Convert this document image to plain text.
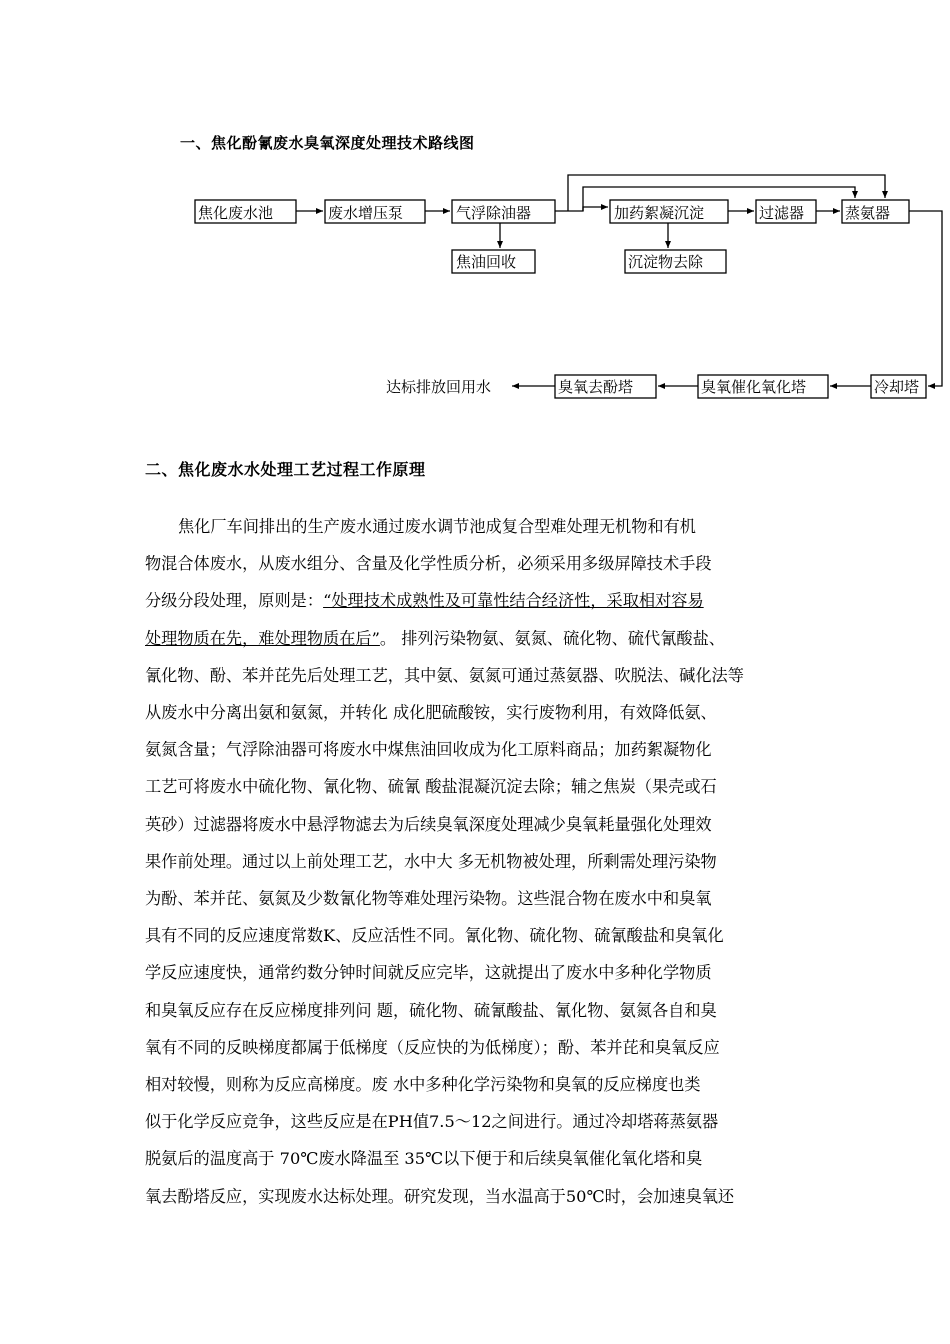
一、焦化酚氰废水臭氧深度处理技术路线图
焦化废水池	废水增压泵	气浮除油器
焦油回收
加药絮凝沉淀
沉淀物去除
过滤器	蒸氨器
冷却塔
臭氧催化氧化塔
臭氧去酚塔
达标排放回用水
二、焦化废水水处理工艺过程工作原理
焦化厂车间排出的生产废水通过废水调节池成复合型难处理无机物和有机
物混合体废水，从废水组分、含量及化学性质分析，必须采用多级屏障技术手段
分级分段处理，原则是：“处理技术成熟性及可靠性结合经济性，采取相对容易
处理物质在先，难处理物质在后”。 排列污染物氨、氨氮、硫化物、硫代氰酸盐、
氰化物、酚、苯并芘先后处理工艺，其中氨、氨氮可通过蒸氨器、吹脱法、碱化法等
从废水中分离出氨和氨氮，并转化 成化肥硫酸铵，实行废物利用，有效降低氨、
氨氮含量；气浮除油器可将废水中煤焦油回收成为化工原料商品；加药絮凝物化
工艺可将废水中硫化物、氰化物、硫氰 酸盐混凝沉淀去除；辅之焦炭（果壳或石
英砂）过滤器将废水中悬浮物滤去为后续臭氧深度处理减少臭氧耗量强化处理效
果作前处理。通过以上前处理工艺，水中大 多无机物被处理，所剩需处理污染物
为酚、苯并芘、氨氮及少数氰化物等难处理污染物。这些混合物在废水中和臭氧
具有不同的反应速度常数K、反应活性不同。氰化物、硫化物、硫氰酸盐和臭氧化
学反应速度快，通常约数分钟时间就反应完毕，这就提出了废水中多种化学物质
和臭氧反应存在反应梯度排列问 题，硫化物、硫氰酸盐、氰化物、氨氮各自和臭
氧有不同的反映梯度都属于低梯度（反应快的为低梯度）；酚、苯并芘和臭氧反应
相对较慢，则称为反应高梯度。废 水中多种化学污染物和臭氧的反应梯度也类
似于化学反应竞争，这些反应是在PH值7.5～12之间进行。通过冷却塔蒋蒸氨器
脱氨后的温度高于 70℃废水降温至 35℃以下便于和后续臭氧催化氧化塔和臭
氧去酚塔反应，实现废水达标处理。研究发现，当水温高于50℃时，会加速臭氧还
